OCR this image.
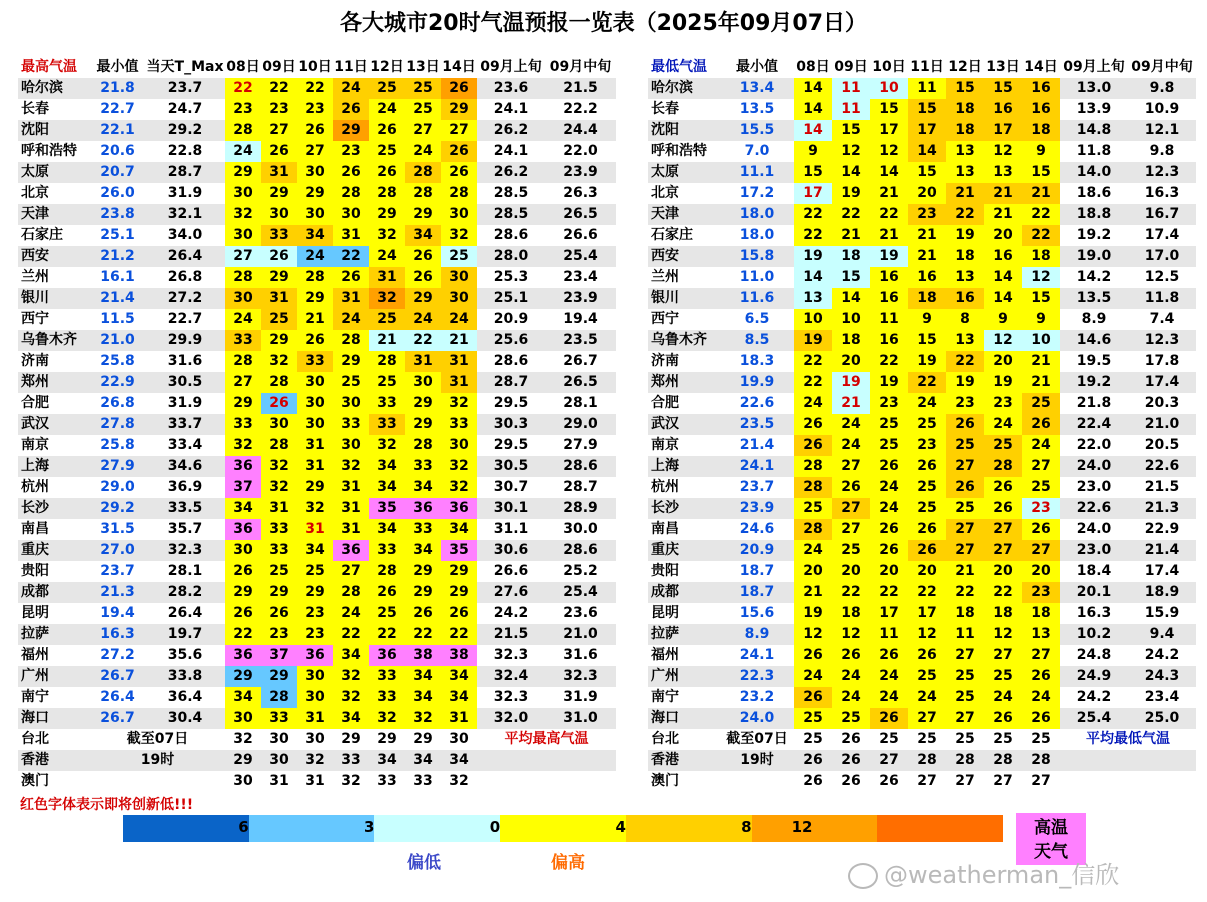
各大城市20时气温预报一览表（2025年09月07日）
最高气温	最小值	当天T_Max	08日	09日	10日	11日	12日	13日	14日	09月上旬	09月中旬
哈尔滨	21.8	23.7	22	22	22	24	25	25	26	23.6	21.5
长春	22.7	24.7	23	23	23	26	24	25	29	24.1	22.2
沈阳	22.1	29.2	28	27	26	29	26	27	27	26.2	24.4
呼和浩特	20.6	22.8	24	26	27	23	25	24	26	24.1	22.0
太原	20.7	28.7	29	31	30	26	26	28	26	26.2	23.9
北京	26.0	31.9	30	29	29	28	28	28	28	28.5	26.3
天津	23.8	32.1	32	30	30	30	29	29	30	28.5	26.5
石家庄	25.1	34.0	30	33	34	31	32	34	32	28.6	26.6
西安	21.2	26.4	27	26	24	22	24	26	25	28.0	25.4
兰州	16.1	26.8	28	29	28	26	31	26	30	25.3	23.4
银川	21.4	27.2	30	31	29	31	32	29	30	25.1	23.9
西宁	11.5	22.7	24	25	21	24	25	24	24	20.9	19.4
乌鲁木齐	21.0	29.9	33	29	26	28	21	22	21	25.6	23.5
济南	25.8	31.6	28	32	33	29	28	31	31	28.6	26.7
郑州	22.9	30.5	27	28	30	25	25	30	31	28.7	26.5
合肥	26.8	31.9	29	26	30	30	33	29	32	29.5	28.1
武汉	27.8	33.7	33	30	30	33	33	29	33	30.3	29.0
南京	25.8	33.4	32	28	31	30	32	28	30	29.5	27.9
上海	27.9	34.6	36	32	31	32	34	33	32	30.5	28.6
杭州	29.0	36.9	37	32	29	31	34	34	32	30.7	28.7
长沙	29.2	33.5	34	31	32	31	35	36	36	30.1	28.9
南昌	31.5	35.7	36	33	31	31	34	33	34	31.1	30.0
重庆	27.0	32.3	30	33	34	36	33	34	35	30.6	28.6
贵阳	23.7	28.1	26	25	25	27	28	29	29	26.6	25.2
成都	21.3	28.2	29	29	29	28	26	29	29	27.6	25.4
昆明	19.4	26.4	26	26	23	24	25	26	26	24.2	23.6
拉萨	16.3	19.7	22	23	23	22	22	22	22	21.5	21.0
福州	27.2	35.6	36	37	36	34	36	38	38	32.3	31.6
广州	26.7	33.8	29	29	30	32	33	34	34	32.4	32.3
南宁	26.4	36.4	34	28	30	32	33	34	34	32.3	31.9
海口	26.7	30.4	30	33	31	34	32	32	31	32.0	31.0
台北	截至07日		32	30	30	29	29	29	30	平均最高气温	
香港	19时		29	30	32	33	34	34	34		
澳门			30	31	31	32	33	33	32		
最低气温	最小值	08日	09日	10日	11日	12日	13日	14日	09月上旬	09月中旬
哈尔滨	13.4	14	11	10	11	15	15	16	13.0	9.8
长春	13.5	14	11	15	15	18	16	16	13.9	10.9
沈阳	15.5	14	15	17	17	18	17	18	14.8	12.1
呼和浩特	7.0	9	12	12	14	13	12	9	11.8	9.8
太原	11.1	15	14	14	15	13	13	15	14.0	12.3
北京	17.2	17	19	21	20	21	21	21	18.6	16.3
天津	18.0	22	22	22	23	22	21	22	18.8	16.7
石家庄	18.0	22	21	21	21	19	20	22	19.2	17.4
西安	15.8	19	18	19	21	18	16	18	19.0	17.0
兰州	11.0	14	15	16	16	13	14	12	14.2	12.5
银川	11.6	13	14	16	18	16	14	15	13.5	11.8
西宁	6.5	10	10	11	9	8	9	9	8.9	7.4
乌鲁木齐	8.5	19	18	16	15	13	12	10	14.6	12.3
济南	18.3	22	20	22	19	22	20	21	19.5	17.8
郑州	19.9	22	19	19	22	19	19	21	19.2	17.4
合肥	22.6	24	21	23	24	23	23	25	21.8	20.3
武汉	23.5	26	24	25	25	26	24	26	22.4	21.0
南京	21.4	26	24	25	23	25	25	24	22.0	20.5
上海	24.1	28	27	26	26	27	28	27	24.0	22.6
杭州	23.7	28	26	24	25	26	26	25	23.0	21.5
长沙	23.9	25	27	24	25	25	26	23	22.6	21.3
南昌	24.6	28	27	26	26	27	27	26	24.0	22.9
重庆	20.9	24	25	26	26	27	27	27	23.0	21.4
贵阳	18.7	20	20	20	20	21	20	20	18.4	17.4
成都	18.7	21	22	22	22	22	22	23	20.1	18.9
昆明	15.6	19	18	17	17	18	18	18	16.3	15.9
拉萨	8.9	12	12	11	12	11	12	13	10.2	9.4
福州	24.1	26	26	26	26	27	27	27	24.8	24.2
广州	22.3	24	24	24	25	25	25	26	24.9	24.3
南宁	23.2	26	24	24	24	25	24	24	24.2	23.4
海口	24.0	25	25	26	27	27	26	26	25.4	25.0
台北	截至07日	25	26	25	25	25	25	25	平均最低气温	
香港	19时	26	26	27	28	28	28	28		
澳门		26	26	26	27	27	27	27		
红色字体表示即将创新低!!!
6	3	0	4	8	12	高温
天气
偏低	偏高	@weatherman_信欣
